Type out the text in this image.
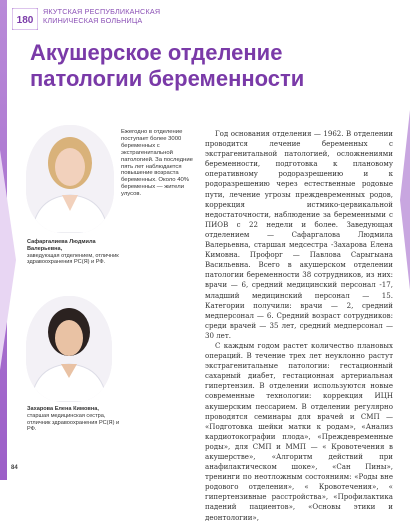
180
ЯКУТСКАЯ РЕСПУБЛИКАНСКАЯ
КЛИНИЧЕСКАЯ БОЛЬНИЦА
Акушерское отделение патологии беременности
Ежегодно в отделение поступает более 3000 беременных с экстрагенитальной патологией. За последние пять лет наблюдается повышение возраста беременных. Около 40% беременных — жители улусов.
Сафаргалиева Людмила Валерьевна,
заведующая отделением, отличник здравоохранения РС(Я) и РФ.
Захарова Елена Кимовна,
старшая медицинская сестра, отличник здравоохранения РС(Я) и РФ.

Год основания отделения — 1962. В отделении проводится лечение беременных с экстрагенитальной патологией, осложнениями беременности, подготовка к плановому оперативному родоразрешению и к родоразрешению через естественные родовые пути, лечение угрозы преждевременных родов, коррекция истмико-цервикальной недостаточности, наблюдение за беременными с ПИОВ с 22 недели и более. Заведующая отделением — Сафаргалова Людмила Валерьевна, старшая медсестра -Захарова Елена Кимовна. Профорг — Павлова Сарыгыана Васильевна. Всего в акушерском отделении патологии беременности 38 сотрудников, из них: врачи — 6, средний медицинский персонал -17, младший медицинский персонал — 15. Категории получили: врачи — 2, средний медперсонал — 6. Средний возраст сотрудников: среди врачей — 35 лет, средний медперсонал — 30 лет.

С каждым годом растет количество плановых операций. В течение трех лет неуклонно растут экстрагенитальные патологии: гестационный сахарный диабет, гестационная артериальная гипертензия. В отделении используются новые современные технологии: коррекция ИЦН акушерским пессарием. В отделении регулярно проводятся семинары для врачей и СМП — «Подготовка шейки матки к родам», «Анализ кардиотокографии плода», «Преждевременные роды», для СМП и ММП — « Кровотечения в акушерстве», «Алгоритм действий при анафилактическом шоке», «Сан Пины», тренинги по неотложным состояниям: «Роды вне родового отделения», « Кровотечения», « гипертензивные расстройства», «Профилактика падений пациентов», «Основы этики и деонтологии»,

84
